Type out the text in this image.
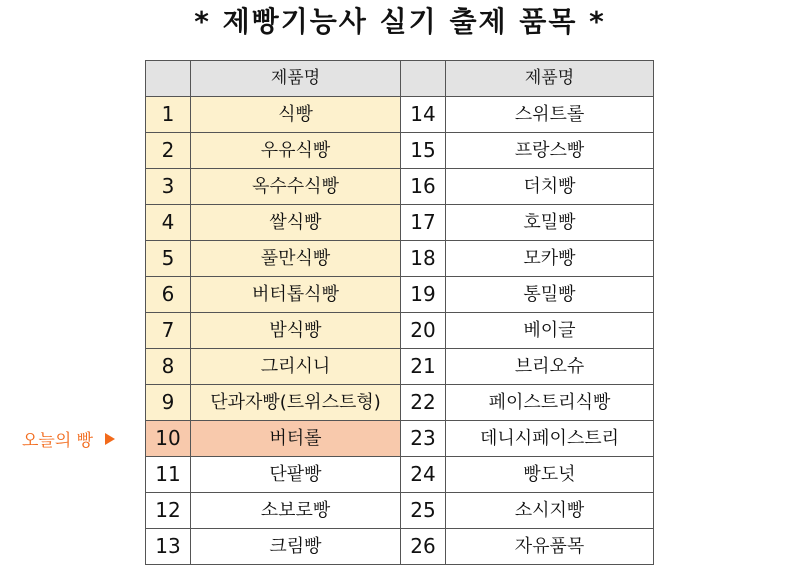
* 제빵기능사 실기 출제 품목 *
오늘의 빵
	제품명		제품명
1	식빵	14	스위트롤
2	우유식빵	15	프랑스빵
3	옥수수식빵	16	더치빵
4	쌀식빵	17	호밀빵
5	풀만식빵	18	모카빵
6	버터톱식빵	19	통밀빵
7	밤식빵	20	베이글
8	그리시니	21	브리오슈
9	단과자빵(트위스트형)	22	페이스트리식빵
10	버터롤	23	데니시페이스트리
11	단팥빵	24	빵도넛
12	소보로빵	25	소시지빵
13	크림빵	26	자유품목
